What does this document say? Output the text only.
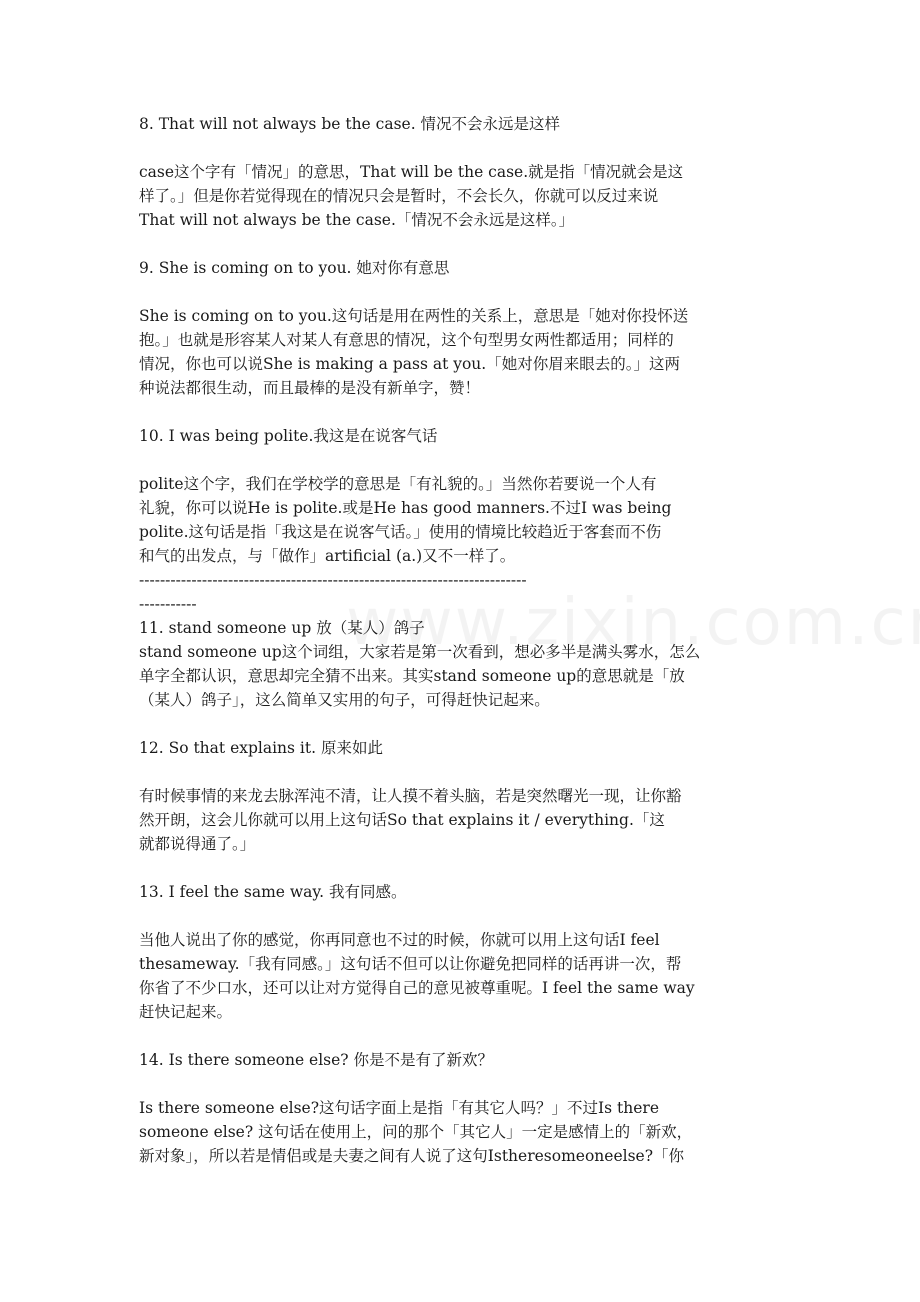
8. That will not always be the case. 情况不会永远是这样

case这个字有「情况」的意思，That will be the case.就是指「情况就会是这

样了。」但是你若觉得现在的情况只会是暂时，不会长久，你就可以反过来说

That will not always be the case.「情况不会永远是这样。」

9. She is coming on to you. 她对你有意思

She is coming on to you.这句话是用在两性的关系上，意思是「她对你投怀送

抱。」也就是形容某人对某人有意思的情况，这个句型男女两性都适用；同样的

情况，你也可以说She is making a pass at you.「她对你眉来眼去的。」这两

种说法都很生动，而且最棒的是没有新单字，赞！

10. I was being polite.我这是在说客气话

polite这个字，我们在学校学的意思是「有礼貌的。」当然你若要说一个人有

礼貌，你可以说He is polite.或是He has good manners.不过I was being

polite.这句话是指「我这是在说客气话。」使用的情境比较趋近于客套而不伤

和气的出发点，与「做作」artificial (a.)又不一样了。

--------------------------------------------------------------------------

-----------

11. stand someone up 放（某人）鸽子

stand someone up这个词组，大家若是第一次看到，想必多半是满头雾水，怎么

单字全都认识，意思却完全猜不出来。其实stand someone up的意思就是「放

（某人）鸽子」，这么简单又实用的句子，可得赶快记起来。

12. So that explains it. 原来如此

有时候事情的来龙去脉浑沌不清，让人摸不着头脑，若是突然曙光一现，让你豁

然开朗，这会儿你就可以用上这句话So that explains it / everything.「这

就都说得通了。」

13. I feel the same way. 我有同感。

当他人说出了你的感觉，你再同意也不过的时候，你就可以用上这句话I feel

thesameway.「我有同感。」这句话不但可以让你避免把同样的话再讲一次，帮

你省了不少口水，还可以让对方觉得自己的意见被尊重呢。I feel the same way

赶快记起来。

14. Is there someone else? 你是不是有了新欢？

Is there someone else?这句话字面上是指「有其它人吗？」不过Is there

someone else? 这句话在使用上，问的那个「其它人」一定是感情上的「新欢，

新对象」，所以若是情侣或是夫妻之间有人说了这句Istheresomeoneelse?「你
